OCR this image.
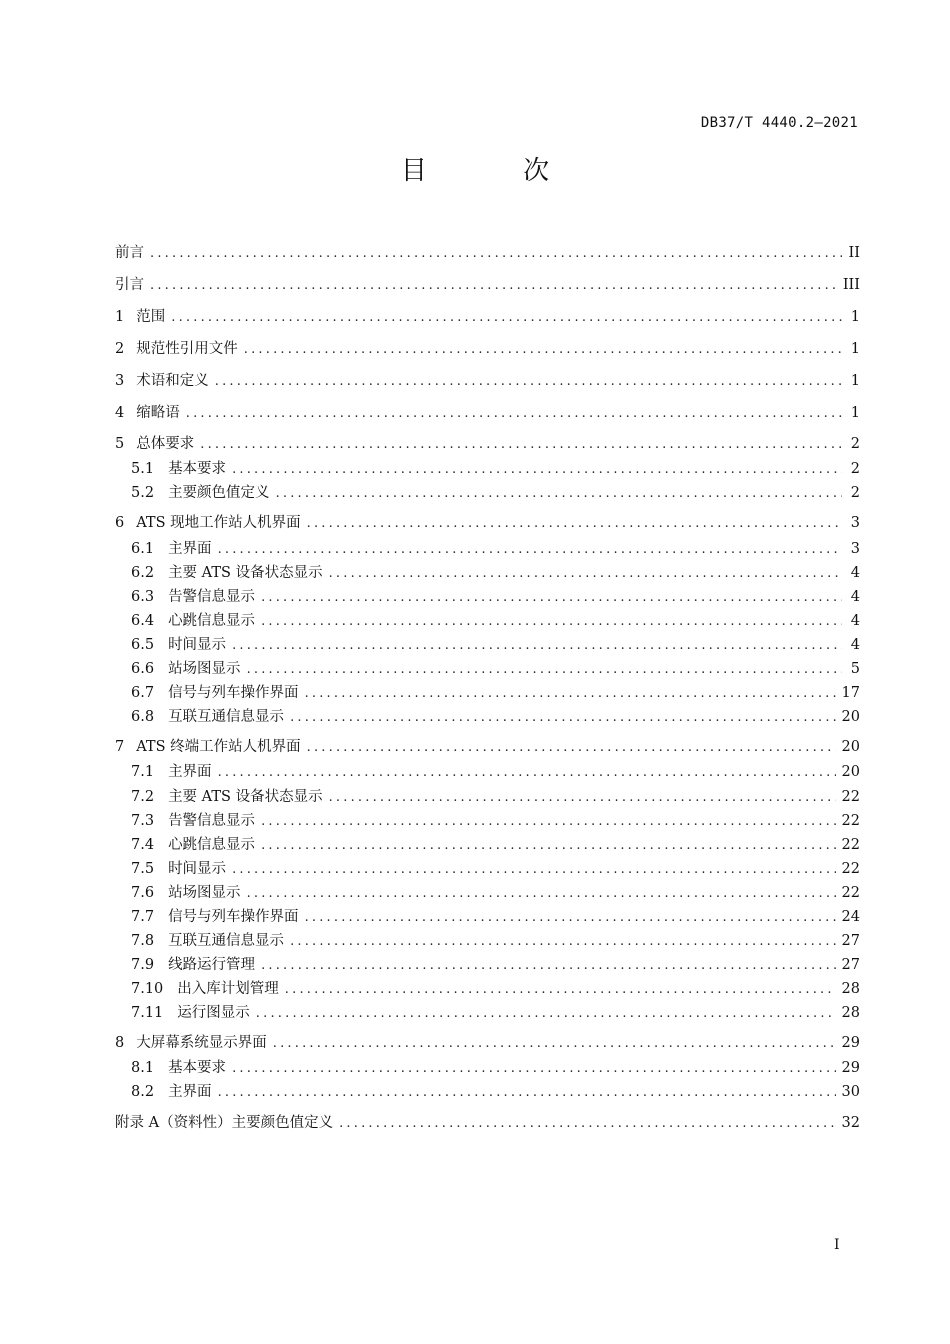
DB37/T 4440.2—2021
目 次
前言 .....	II
引言 .....	III
1 范围 .....	1
2 规范性引用文件 .....	1
3 术语和定义 .....	1
4 缩略语 .....	1
5 总体要求 .....	2
5.1 基本要求 .....	2
5.2 主要颜色值定义 .....	2
6 ATS 现地工作站人机界面 .....	3
6.1 主界面 .....	3
6.2 主要 ATS 设备状态显示 .....	4
6.3 告警信息显示 .....	4
6.4 心跳信息显示 .....	4
6.5 时间显示 .....	4
6.6 站场图显示 .....	5
6.7 信号与列车操作界面 .....	17
6.8 互联互通信息显示 .....	20
7 ATS 终端工作站人机界面 .....	20
7.1 主界面 .....	20
7.2 主要 ATS 设备状态显示 .....	22
7.3 告警信息显示 .....	22
7.4 心跳信息显示 .....	22
7.5 时间显示 .....	22
7.6 站场图显示 .....	22
7.7 信号与列车操作界面 .....	24
7.8 互联互通信息显示 .....	27
7.9 线路运行管理 .....	27
7.10 出入库计划管理 .....	28
7.11 运行图显示 .....	28
8 大屏幕系统显示界面 .....	29
8.1 基本要求 .....	29
8.2 主界面 .....	30
附录 A（资料性）主要颜色值定义 .....	32
I
